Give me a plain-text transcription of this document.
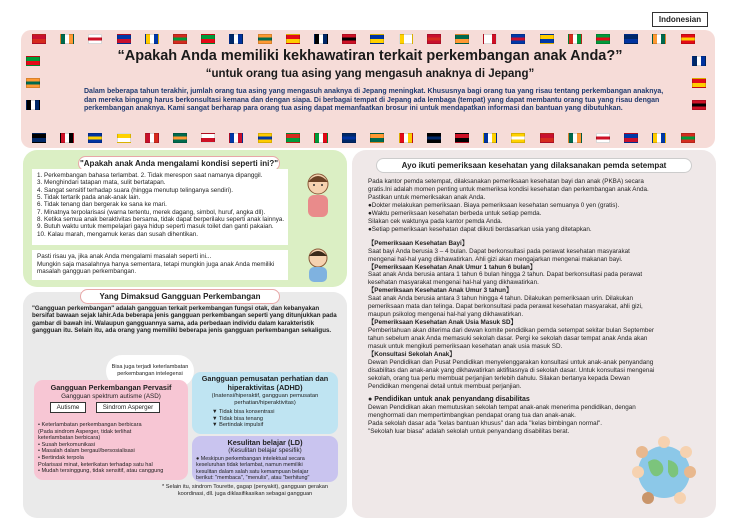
Indonesian
“Apakah Anda memiliki kekhawatiran terkait perkembangan anak Anda?”
“untuk orang tua asing yang mengasuh anaknya di Jepang”
Dalam beberapa tahun terakhir, jumlah orang tua asing yang mengasuh anaknya di Jepang meningkat. Khususnya bagi orang tua yang risau tentang perkembangan anaknya, dan mereka bingung harus berkonsultasi kemana dan dengan siapa. Di berbagai tempat di Jepang ada lembaga (tempat) yang dapat membantu orang tua yang risau dengan perkembangan anaknya. Kami sangat berharap para orang tua asing dapat memanfaatkan brosur ini untuk mendapatkan informasi dan bantuan yang dibutuhkan.
"Apakah anak Anda mengalami kondisi seperti ini?"
1. Perkembangan bahasa terlambat. 2. Tidak merespon saat namanya dipanggil.
3. Menghindari tatapan mata, sulit bertatapan.
4. Sangat sensitif terhadap suara (hingga menutup telinganya sendiri).
5. Tidak tertarik pada anak-anak lain.
6. Tidak tenang dan bergerak ke sana ke mari.
7. Minatnya terpolarisasi (warna tertentu, merek dagang, simbol, huruf, angka dll).
8. Ketika semua anak beraktivitas bersama, tidak dapat berperilaku seperti anak lainnya.
9. Butuh waktu untuk mempelajari gaya hidup seperti masuk toilet dan ganti pakaian.
10. Kalau marah, mengamuk keras dan susah dihentikan.
Pasti risau ya, jika anak Anda mengalami masalah seperti ini...
Mungkin saja masalahnya hanya sementara, tetapi mungkin juga anak Anda memiliki
masalah gangguan perkembangan.
Yang Dimaksud Gangguan Perkembangan
"Gangguan perkembangan" adalah gangguan terkait perkembangan fungsi otak, dan kebanyakan bersifat bawaan sejak lahir.Ada beberapa jenis gangguan perkembangan seperti yang ditunjukkan pada gambar di bawah ini. Walaupun gangguannya sama, ada perbedaan individu dalam karakteristik gangguan itu. Selain itu, ada orang yang memiliki beberapa jenis gangguan perkembangan sekaligus.
Bisa juga terjadi keterlambatan perkembangan intelegensi
Gangguan Perkembangan Pervasif
Gangguan spektrum autisme (ASD)
Autisme	Sindrom Asperger
• Keterlambatan perkembangan berbicara
(Pada sindrom Asperger, tidak terlihat
keterlambatan berbicara)
• Susah berkomunikasi
• Masalah dalam bergaul/bersosialisasi
• Bertindak terpola
Polarisasi minat, keterikatan terhadap satu hal
• Mudah tersinggung, tidak sensitif, atau canggung
Gangguan pemusatan perhatian dan hiperaktivitas (ADHD)
(Inatensi/hiperaktif, gangguan pemusatan perhatian/hiperaktivitas)
▼ Tidak bisa konsentrasi
▼ Tidak bisa tenang
▼ Bertindak impulsif
Kesulitan belajar (LD)
(Kesulitan belajar spesifik)
● Meskipun perkembangan intelektual secara
keseluruhan tidak terlambat, namun memiliki
kesulitan dalam salah satu kemampuan belajar
berikut: "membaca", "menulis", atau "berhitung"
* Selain itu, sindrom Tourette, gagap (penyakit), gangguan gerakan koordinasi, dll. juga diklasifikasikan sebagai gangguan
Ayo ikuti pemeriksaan kesehatan yang dilaksanakan pemda setempat
Pada kantor pemda setempat, dilaksanakan pemeriksaan kesehatan bayi dan anak (PKBA) secara
gratis.Ini adalah momen penting untuk memeriksa kondisi kesehatan dan perkembangan anak Anda.
Pastikan untuk memeriksakan anak Anda.
●Dokter melakukan pemeriksaan. Biaya pemeriksaan kesehatan semuanya 0 yen (gratis).
●Waktu pemeriksaan kesehatan berbeda untuk setiap pemda.
Silakan cek waktunya pada kantor pemda Anda.
●Setiap pemeriksaan kesehatan dapat diikuti berdasarkan usia yang ditetapkan.
【Pemeriksaan Kesehatan Bayi】
Saat bayi Anda berusia 3 – 4 bulan. Dapat berkonsultasi pada perawat kesehatan masyarakat
mengenai hal-hal yang dikhawatirkan. Ahli gizi akan mengajarkan mengenai makanan bayi.
【Pemeriksaan Kesehatan Anak Umur 1 tahun 6 bulan】
Saat anak Anda berusia antara 1 tahun 6 bulan hingga 2 tahun. Dapat berkonsultasi pada perawat
kesehatan masyarakat mengenai hal-hal yang dikhawatirkan.
【Pemeriksaan Kesehatan Anak Umur 3 tahun】
Saat anak Anda berusia antara 3 tahun hingga 4 tahun. Dilakukan pemeriksaan urin. Dilakukan
pemeriksaan mata dan telinga. Dapat berkonsultasi pada perawat kesehatan masyarakat, ahli gizi,
maupun psikolog mengenai hal-hal yang dikhawatirkan.
【Pemeriksaan Kesehatan Anak Usia Masuk SD】
Pemberitahuan akan diterima dari dewan komite pendidikan pemda setempat sekitar bulan September
tahun sebelum anak Anda memasuki sekolah dasar. Pergi ke sekolah dasar tempat anak Anda akan
masuk untuk mengikuti pemeriksaan kesehatan anak usia masuk SD.
【Konsultasi Sekolah Anak】
Dewan Pendidikan dan Pusat Pendidikan menyelenggarakan konsultasi untuk anak-anak penyandang
disabilitas dan anak-anak yang dikhawatirkan aktifitasnya di sekolah dasar. Untuk konsultasi mengenai
sekolah, orang tua perlu membuat perjanjian terlebih dahulu. Silakan bertanya kepada Dewan
Pendidikan mengenai detail untuk membuat perjanjian.
● Pendidikan untuk anak penyandang disabilitas
Dewan Pendidikan akan memutuskan sekolah tempat anak-anak menerima pendidikan, dengan
menghormati dan mempertimbangkan pendapat orang tua dan anak-anak.
Pada sekolah dasar ada "kelas bantuan khusus" dan ada "kelas bimbingan normal".
"Sekolah luar biasa" adalah sekolah untuk penyandang disabilitas berat.
